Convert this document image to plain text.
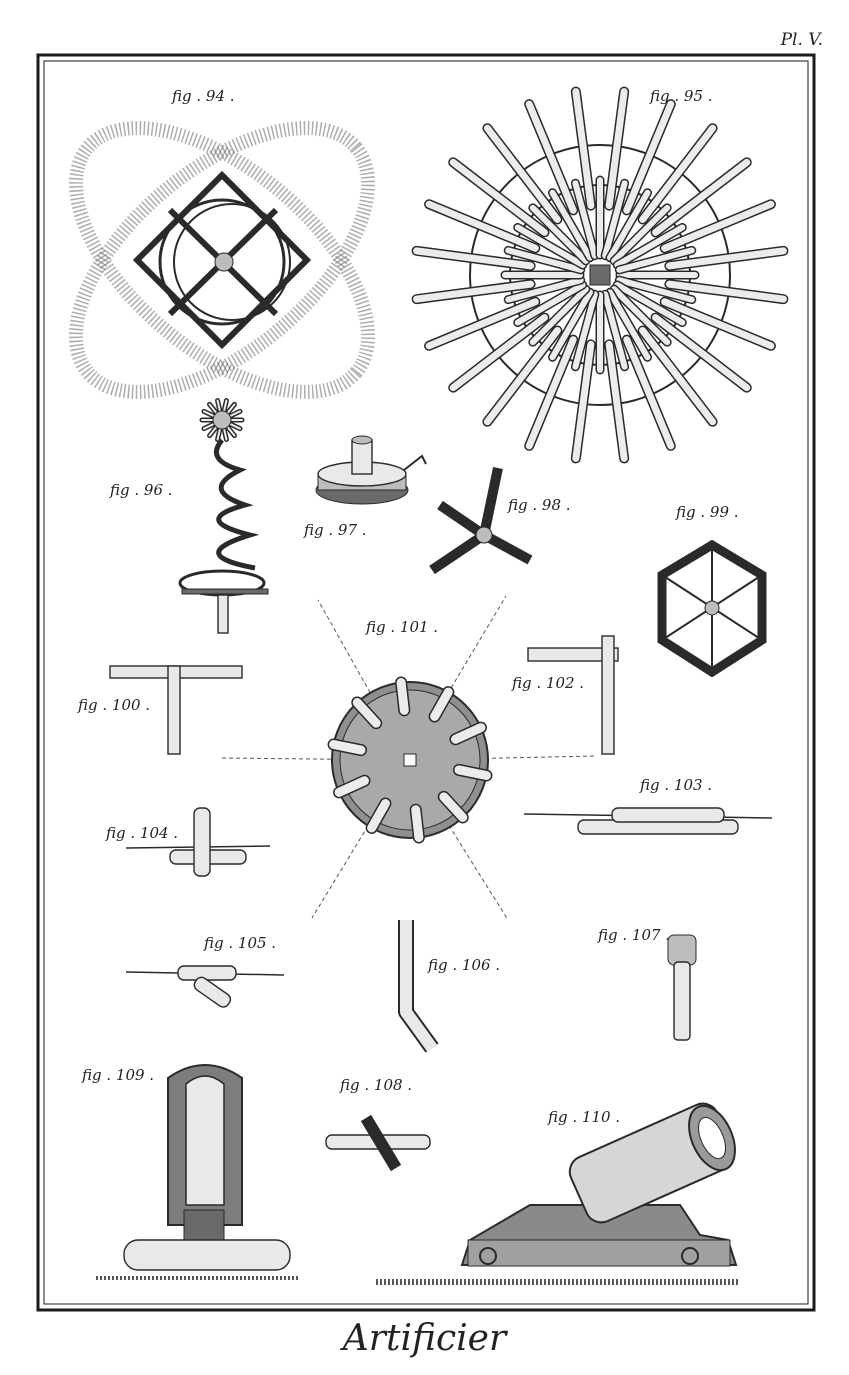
Pl. V.
fig . 94 .	fig . 95 .
fig . 96 .
fig . 97 .
fig . 98 .	fig . 99 .
fig . 100 .
fig . 101 .
fig . 102 .
fig . 103 .
fig . 104 .
fig . 105 .
fig . 106 .
fig . 107 .
fig . 108 .
fig . 109 .
fig . 110 .
Artificier
